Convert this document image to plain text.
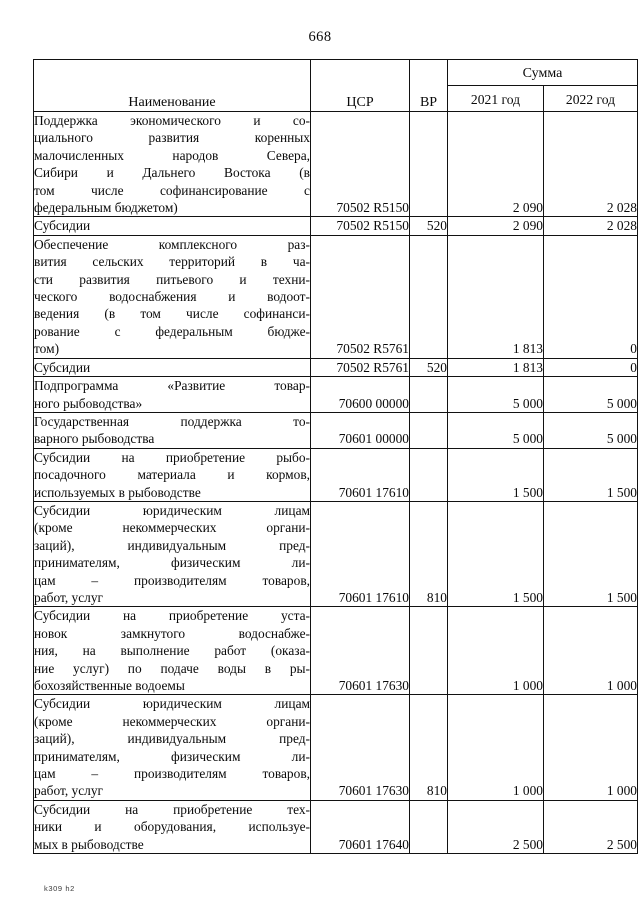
668
Наименование	ЦСР	ВР	Сумма	
			2021 год	2022 год

Поддержка экономического и со-
циального развития коренных
малочисленных народов Севера,
Сибири и Дальнего Востока (в
том числе софинансирование с
федеральным бюджетом)	70502 R5150		2 090	2 028

Субсидии	70502 R5150	520	2 090	2 028

Обеспечение комплексного раз-
вития сельских территорий в ча-
сти развития питьевого и техни-
ческого водоснабжения и водоот-
ведения (в том числе софинанси-
рование с федеральным бюдже-
том)	70502 R5761		1 813	0

Субсидии	70502 R5761	520	1 813	0

Подпрограмма «Развитие товар-
ного рыбоводства»	70600 00000		5 000	5 000

Государственная поддержка то-
варного рыбоводства	70601 00000		5 000	5 000

Субсидии на приобретение рыбо-
посадочного материала и кормов,
используемых в рыбоводстве	70601 17610		1 500	1 500

Субсидии юридическим лицам
(кроме некоммерческих органи-
заций), индивидуальным пред-
принимателям, физическим ли-
цам – производителям товаров,
работ, услуг	70601 17610	810	1 500	1 500

Субсидии на приобретение уста-
новок замкнутого водоснабже-
ния, на выполнение работ (оказа-
ние услуг) по подаче воды в ры-
бохозяйственные водоемы	70601 17630		1 000	1 000

Субсидии юридическим лицам
(кроме некоммерческих органи-
заций), индивидуальным пред-
принимателям, физическим ли-
цам – производителям товаров,
работ, услуг	70601 17630	810	1 000	1 000

Субсидии на приобретение тех-
ники и оборудования, используе-
мых в рыбоводстве	70601 17640		2 500	2 500
k309 h2
